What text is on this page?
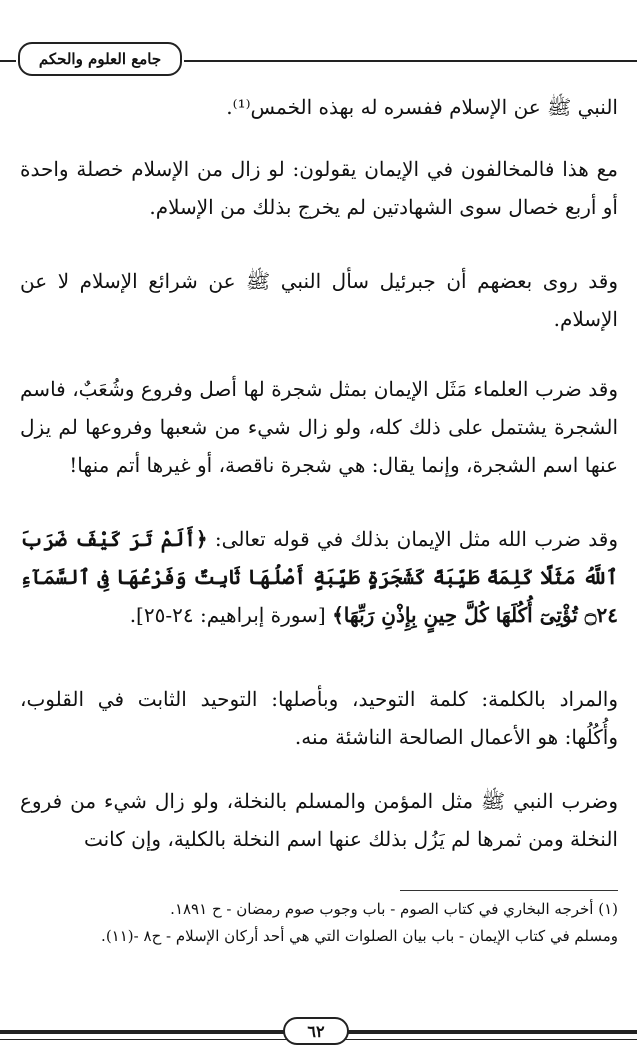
جامع العلوم والحكم

النبي ﷺ عن الإسلام ففسره له بهذه الخمس⁽¹⁾.

مع هذا فالمخالفون في الإيمان يقولون: لو زال من الإسلام خصلة واحدة أو أربع خصال سوى الشهادتين لم يخرج بذلك من الإسلام.

وقد روى بعضهم أن جبرئيل سأل النبي ﷺ عن شرائع الإسلام لا عن الإسلام.

وقد ضرب العلماء مَثَل الإيمان بمثل شجرة لها أصل وفروع وشُعَبٌ، فاسم الشجرة يشتمل على ذلك كله، ولو زال شيء من شعبها وفروعها لم يزل عنها اسم الشجرة، وإنما يقال: هي شجرة ناقصة، أو غيرها أتم منها!

وقد ضرب الله مثل الإيمان بذلك في قوله تعالى: ﴿أَلَمْ تَرَ كَيْفَ ضَرَبَ ٱللَّهُ مَثَلًا كَلِمَةً طَيِّبَةً كَشَجَرَةٍ طَيِّبَةٍ أَصْلُهَا ثَابِتٌ وَفَرْعُهَا فِى ٱلسَّمَآءِ ۝٢٤ تُؤْتِىٓ أُكُلَهَا كُلَّ حِينٍ بِإِذْنِ رَبِّهَا﴾ [سورة إبراهيم: ٢٤-٢٥].

والمراد بالكلمة: كلمة التوحيد، وبأصلها: التوحيد الثابت في القلوب، وأُكُلُها: هو الأعمال الصالحة الناشئة منه.

وضرب النبي ﷺ مثل المؤمن والمسلم بالنخلة، ولو زال شيء من فروع النخلة ومن ثمرها لم يَزُل بذلك عنها اسم النخلة بالكلية، وإن كانت

(١) أخرجه البخاري في كتاب الصوم - باب وجوب صوم رمضان - ح ١٨٩١.

ومسلم في كتاب الإيمان - باب بيان الصلوات التي هي أحد أركان الإسلام - ح٨ -(١١).

٦٢
